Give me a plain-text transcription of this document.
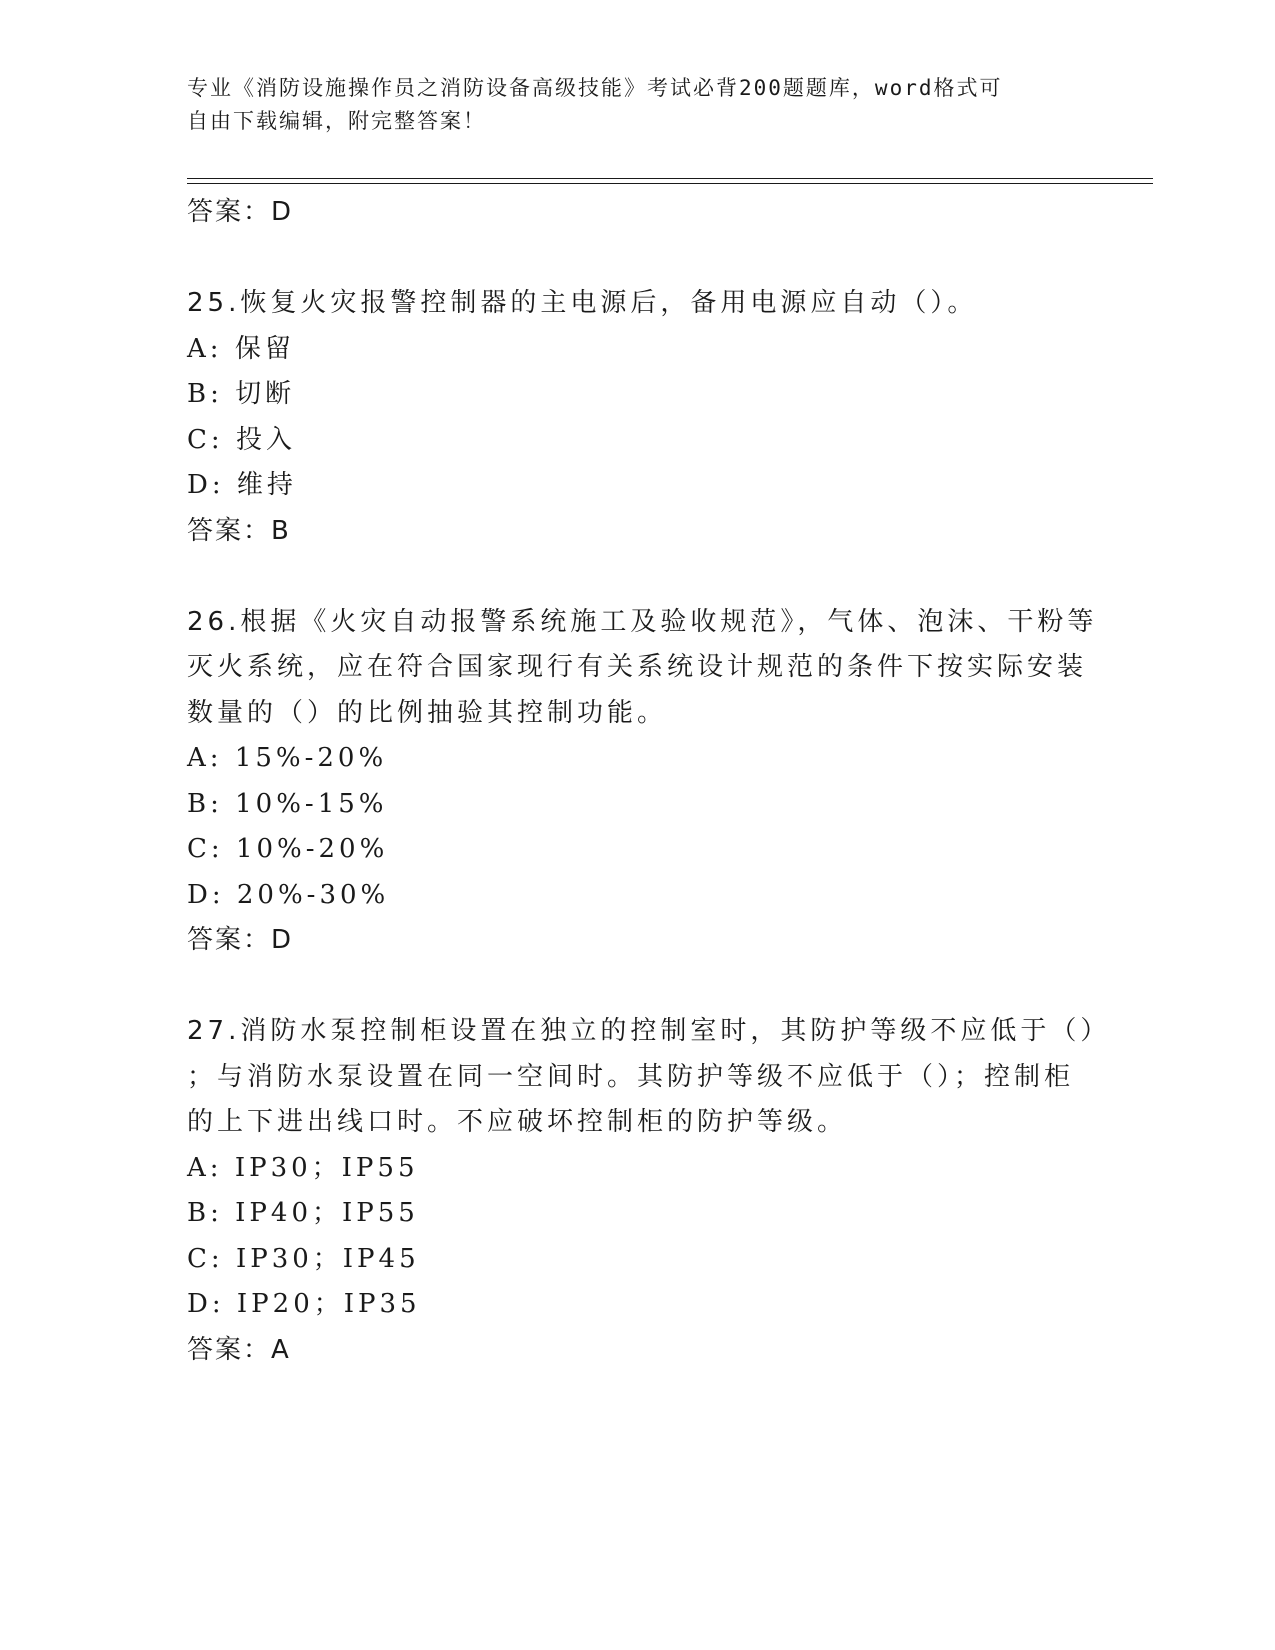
专业《消防设施操作员之消防设备高级技能》考试必背200题题库，word格式可
自由下载编辑，附完整答案！
答案：D
25.恢复火灾报警控制器的主电源后，备用电源应自动（）。
A: 保留
B: 切断
C: 投入
D: 维持
答案：B
26.根据《火灾自动报警系统施工及验收规范》，气体、泡沫、干粉等
灭火系统，应在符合国家现行有关系统设计规范的条件下按实际安装
数量的（）的比例抽验其控制功能。
A: 15%-20%
B: 10%-15%
C: 10%-20%
D: 20%-30%
答案：D
27.消防水泵控制柜设置在独立的控制室时，其防护等级不应低于（）
；与消防水泵设置在同一空间时。其防护等级不应低于（）；控制柜
的上下进出线口时。不应破坏控制柜的防护等级。
A: IP30；IP55
B: IP40；IP55
C: IP30；IP45
D: IP20；IP35
答案：A
